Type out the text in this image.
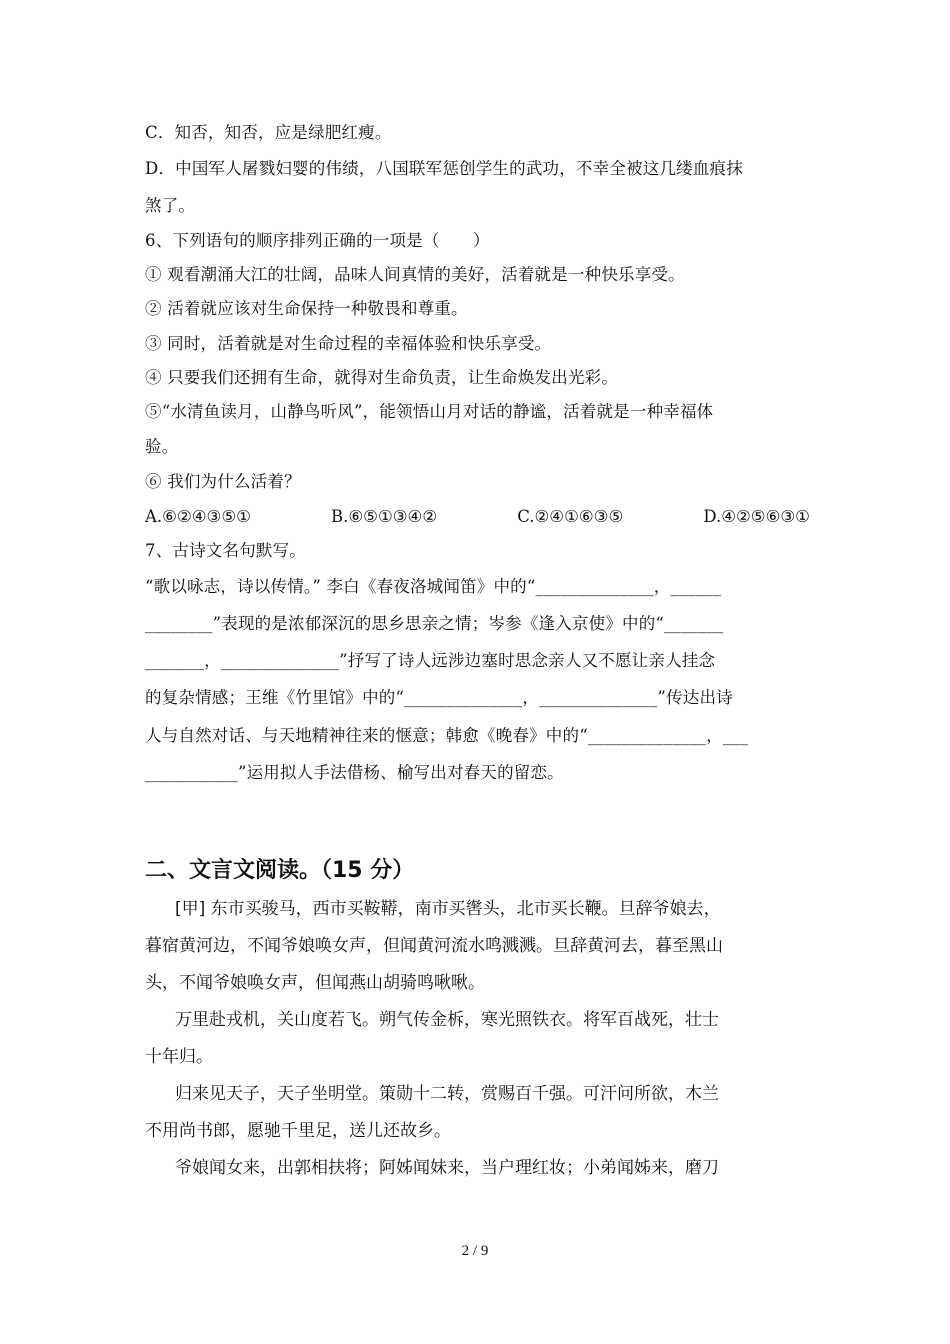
C．知否，知否，应是绿肥红瘦。
D．中国军人屠戮妇婴的伟绩，八国联军惩创学生的武功，不幸全被这几缕血痕抹
煞了。
6、下列语句的顺序排列正确的一项是（　　）
① 观看潮涌大江的壮阔，品味人间真情的美好，活着就是一种快乐享受。
② 活着就应该对生命保持一种敬畏和尊重。
③ 同时，活着就是对生命过程的幸福体验和快乐享受。
④ 只要我们还拥有生命，就得对生命负责，让生命焕发出光彩。
⑤“水清鱼读月，山静鸟听风”，能领悟山月对话的静谧，活着就是一种幸福体
验。
⑥ 我们为什么活着？
A.⑥②④③⑤①	B.⑥⑤①③④②	C.②④①⑥③⑤	D.④②⑤⑥③①
7、古诗文名句默写。
“歌以咏志，诗以传情。” 李白《春夜洛城闻笛》中的“______________，______
________”表现的是浓郁深沉的思乡思亲之情；岑参《逢入京使》中的“_______
_______，______________”抒写了诗人远涉边塞时思念亲人又不愿让亲人挂念
的复杂情感；王维《竹里馆》中的“______________，______________”传达出诗
人与自然对话、与天地精神往来的惬意；韩愈《晚春》中的“______________，___
___________”运用拟人手法借杨、榆写出对春天的留恋。
二、文言文阅读。（15 分）
[甲] 东市买骏马，西市买鞍鞯，南市买辔头，北市买长鞭。旦辞爷娘去，
暮宿黄河边，不闻爷娘唤女声，但闻黄河流水鸣溅溅。旦辞黄河去，暮至黑山
头，不闻爷娘唤女声，但闻燕山胡骑鸣啾啾。
万里赴戎机，关山度若飞。朔气传金柝，寒光照铁衣。将军百战死，壮士
十年归。
归来见天子，天子坐明堂。策勋十二转，赏赐百千强。可汗问所欲，木兰
不用尚书郎，愿驰千里足，送儿还故乡。
爷娘闻女来，出郭相扶将；阿姊闻妹来，当户理红妆；小弟闻姊来，磨刀
2 / 9
